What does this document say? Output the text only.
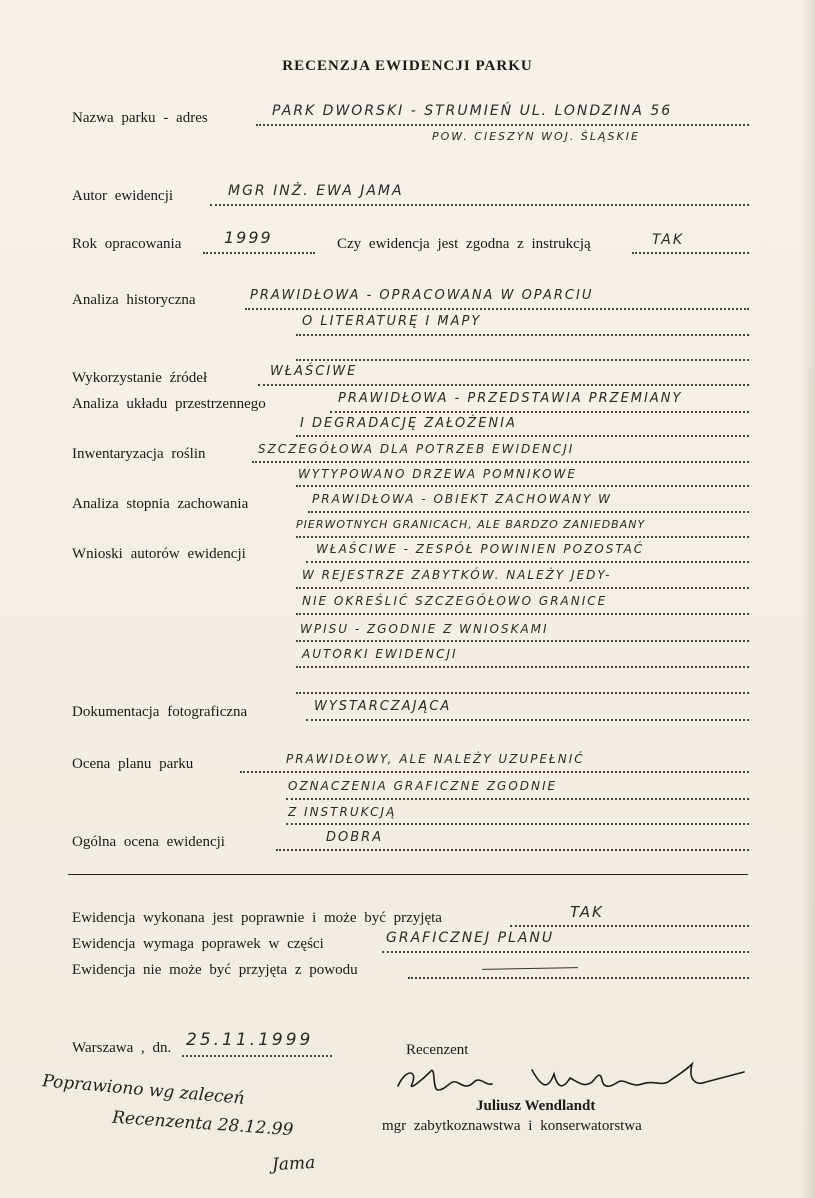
RECENZJA EWIDENCJI PARKU
Nazwa parku - adres	PARK DWORSKI - STRUMIEŃ UL. LONDZINA 56
POW. CIESZYN WOJ. ŚLĄSKIE
Autor ewidencji	MGR INŻ. EWA JAMA
Rok opracowania	1999	Czy ewidencja jest zgodna z instrukcją	TAK
Analiza historyczna	PRAWIDŁOWA - OPRACOWANA W OPARCIU
O LITERATURĘ I MAPY
Wykorzystanie źródeł	WŁAŚCIWE
Analiza układu przestrzennego	PRAWIDŁOWA - PRZEDSTAWIA PRZEMIANY
I DEGRADACJĘ ZAŁOŻENIA
Inwentaryzacja roślin	SZCZEGÓŁOWA DLA POTRZEB EWIDENCJI
WYTYPOWANO DRZEWA POMNIKOWE
Analiza stopnia zachowania	PRAWIDŁOWA - OBIEKT ZACHOWANY W
PIERWOTNYCH GRANICACH, ALE BARDZO ZANIEDBANY
Wnioski autorów ewidencji	WŁAŚCIWE - ZESPÓŁ POWINIEN POZOSTAĆ
W REJESTRZE ZABYTKÓW. NALEŻY JEDY-
NIE OKREŚLIĆ SZCZEGÓŁOWO GRANICE
WPISU - ZGODNIE Z WNIOSKAMI
AUTORKI EWIDENCJI
Dokumentacja fotograficzna	WYSTARCZAJĄCA
Ocena planu parku	PRAWIDŁOWY, ALE NALEŻY UZUPEŁNIĆ
OZNACZENIA GRAFICZNE ZGODNIE
Z INSTRUKCJĄ
Ogólna ocena ewidencji	DOBRA
Ewidencja wykonana jest poprawnie i może być przyjęta	TAK
Ewidencja wymaga poprawek w części	GRAFICZNEJ PLANU
Ewidencja nie może być przyjęta z powodu
Warszawa , dn. 25.11.1999	Recenzent
Juliusz Wendlandt
mgr zabytkoznawstwa i konserwatorstwa
Poprawiono wg zaleceń
Recenzenta 28.12.99
Jama
